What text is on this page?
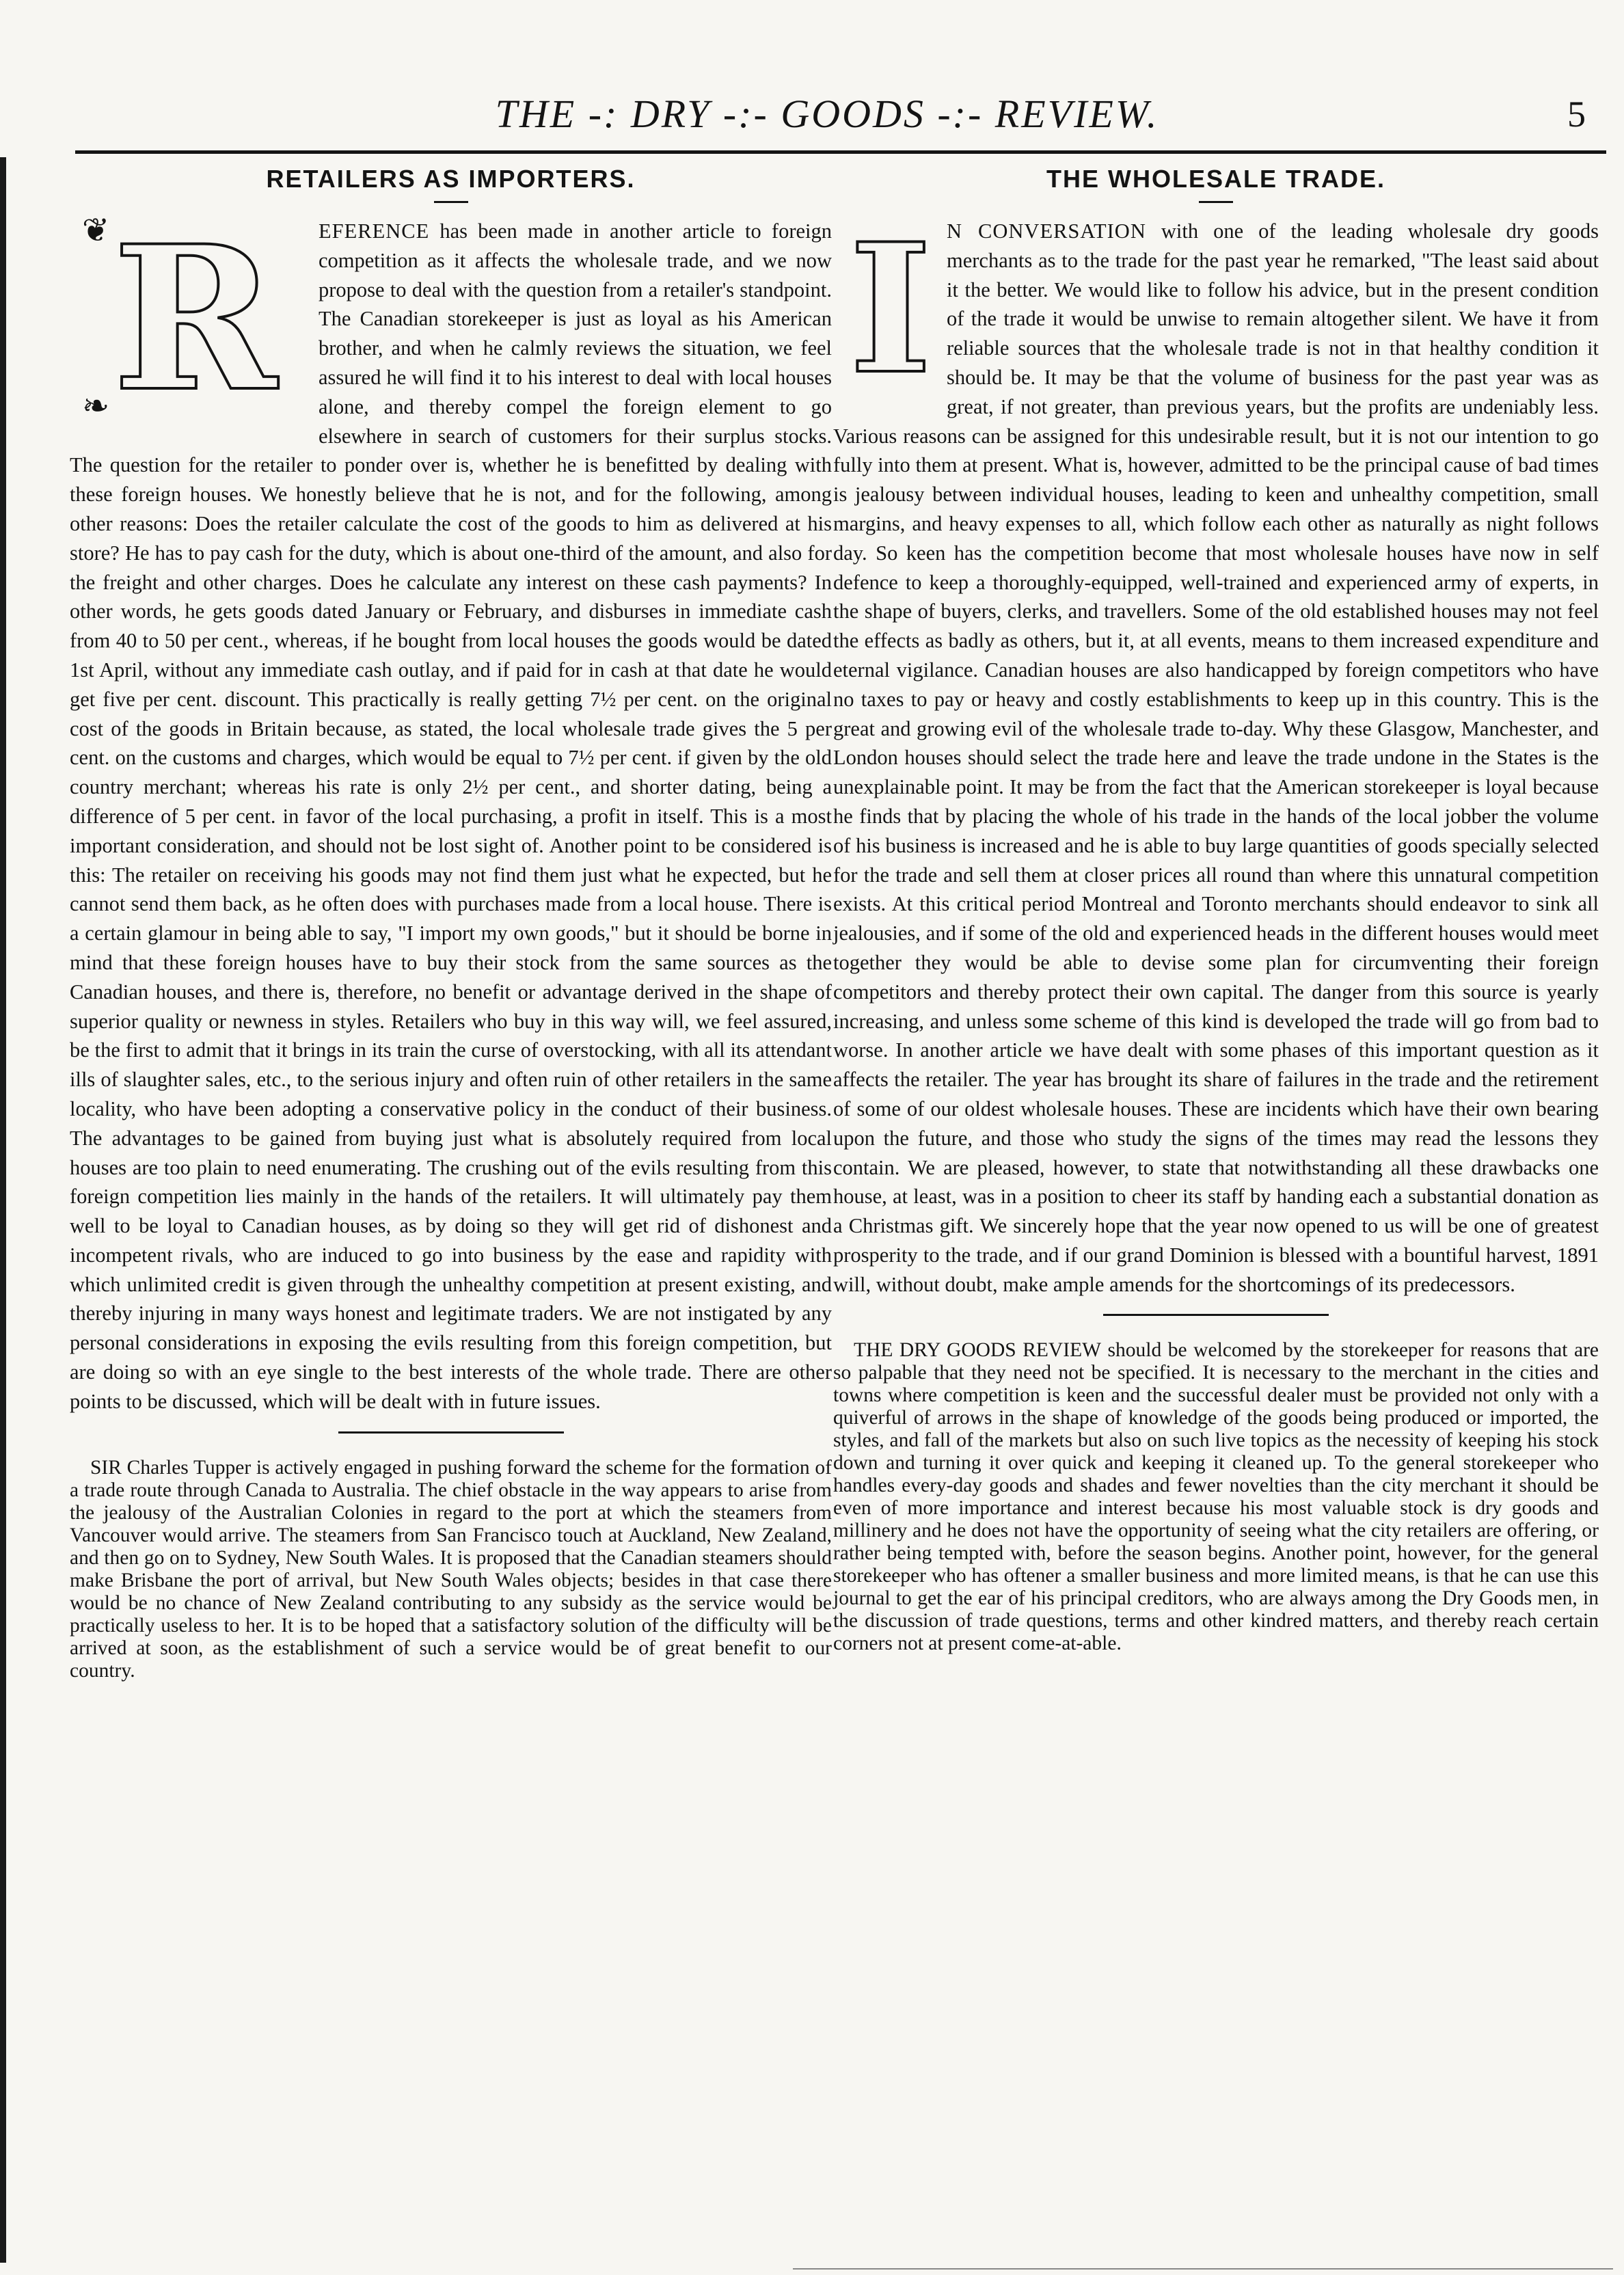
THE -: DRY -:- GOODS -:- REVIEW.	5
RETAILERS AS IMPORTERS.
R
❦
❧

EFERENCE has been made in another article to foreign competition as it affects the wholesale trade, and we now propose to deal with the question from a retailer's standpoint. The Canadian storekeeper is just as loyal as his American brother, and when he calmly reviews the situation, we feel assured he will find it to his interest to deal with local houses alone, and thereby compel the foreign element to go elsewhere in search of customers for their surplus stocks. The question for the retailer to ponder over is, whether he is benefitted by dealing with these foreign houses. We honestly believe that he is not, and for the following, among other reasons: Does the retailer calculate the cost of the goods to him as delivered at his store? He has to pay cash for the duty, which is about one-third of the amount, and also for the freight and other charges. Does he calculate any interest on these cash payments? In other words, he gets goods dated January or February, and disburses in immediate cash from 40 to 50 per cent., whereas, if he bought from local houses the goods would be dated 1st April, without any immediate cash outlay, and if paid for in cash at that date he would get five per cent. discount. This practically is really getting 7½ per cent. on the original cost of the goods in Britain because, as stated, the local wholesale trade gives the 5 per cent. on the customs and charges, which would be equal to 7½ per cent. if given by the old country merchant; whereas his rate is only 2½ per cent., and shorter dating, being a difference of 5 per cent. in favor of the local purchasing, a profit in itself. This is a most important consideration, and should not be lost sight of. Another point to be considered is this: The retailer on receiving his goods may not find them just what he expected, but he cannot send them back, as he often does with purchases made from a local house. There is a certain glamour in being able to say, "I import my own goods," but it should be borne in mind that these foreign houses have to buy their stock from the same sources as the Canadian houses, and there is, therefore, no benefit or advantage derived in the shape of superior quality or newness in styles. Retailers who buy in this way will, we feel assured, be the first to admit that it brings in its train the curse of overstocking, with all its attendant ills of slaughter sales, etc., to the serious injury and often ruin of other retailers in the same locality, who have been adopting a conservative policy in the conduct of their business. The advantages to be gained from buying just what is absolutely required from local houses are too plain to need enumerating. The crushing out of the evils resulting from this foreign competition lies mainly in the hands of the retailers. It will ultimately pay them well to be loyal to Canadian houses, as by doing so they will get rid of dishonest and incompetent rivals, who are induced to go into business by the ease and rapidity with which unlimited credit is given through the unhealthy competition at present existing, and thereby injuring in many ways honest and legitimate traders. We are not instigated by any personal considerations in exposing the evils resulting from this foreign competition, but are doing so with an eye single to the best interests of the whole trade. There are other points to be discussed, which will be dealt with in future issues.

SIR Charles Tupper is actively engaged in pushing forward the scheme for the formation of a trade route through Canada to Australia. The chief obstacle in the way appears to arise from the jealousy of the Australian Colonies in regard to the port at which the steamers from Vancouver would arrive. The steamers from San Francisco touch at Auckland, New Zealand, and then go on to Sydney, New South Wales. It is proposed that the Canadian steamers should make Brisbane the port of arrival, but New South Wales objects; besides in that case there would be no chance of New Zealand contributing to any subsidy as the service would be practically useless to her. It is to be hoped that a satisfactory solution of the difficulty will be arrived at soon, as the establishment of such a service would be of great benefit to our country.

THE WHOLESALE TRADE.
I N CONVERSATION with one of the leading wholesale dry goods merchants as to the trade for the past year he remarked, "The least said about it the better. We would like to follow his advice, but in the present condition of the trade it would be unwise to remain altogether silent. We have it from reliable sources that the wholesale trade is not in that healthy condition it should be. It may be that the volume of business for the past year was as great, if not greater, than previous years, but the profits are undeniably less. Various reasons can be assigned for this undesirable result, but it is not our intention to go fully into them at present. What is, however, admitted to be the principal cause of bad times is jealousy between individual houses, leading to keen and unhealthy competition, small margins, and heavy expenses to all, which follow each other as naturally as night follows day. So keen has the competition become that most wholesale houses have now in self defence to keep a thoroughly-equipped, well-trained and experienced army of experts, in the shape of buyers, clerks, and travellers. Some of the old established houses may not feel the effects as badly as others, but it, at all events, means to them increased expenditure and eternal vigilance. Canadian houses are also handicapped by foreign competitors who have no taxes to pay or heavy and costly establishments to keep up in this country. This is the great and growing evil of the wholesale trade to-day. Why these Glasgow, Manchester, and London houses should select the trade here and leave the trade undone in the States is the unexplainable point. It may be from the fact that the American storekeeper is loyal because he finds that by placing the whole of his trade in the hands of the local jobber the volume of his business is increased and he is able to buy large quantities of goods specially selected for the trade and sell them at closer prices all round than where this unnatural competition exists. At this critical period Montreal and Toronto merchants should endeavor to sink all jealousies, and if some of the old and experienced heads in the different houses would meet together they would be able to devise some plan for circumventing their foreign competitors and thereby protect their own capital. The danger from this source is yearly increasing, and unless some scheme of this kind is developed the trade will go from bad to worse. In another article we have dealt with some phases of this important question as it affects the retailer. The year has brought its share of failures in the trade and the retirement of some of our oldest wholesale houses. These are incidents which have their own bearing upon the future, and those who study the signs of the times may read the lessons they contain. We are pleased, however, to state that notwithstanding all these drawbacks one house, at least, was in a position to cheer its staff by handing each a substantial donation as a Christmas gift. We sincerely hope that the year now opened to us will be one of greatest prosperity to the trade, and if our grand Dominion is blessed with a bountiful harvest, 1891 will, without doubt, make ample amends for the shortcomings of its predecessors.

THE DRY GOODS REVIEW should be welcomed by the storekeeper for reasons that are so palpable that they need not be specified. It is necessary to the merchant in the cities and towns where competition is keen and the successful dealer must be provided not only with a quiverful of arrows in the shape of knowledge of the goods being produced or imported, the styles, and fall of the markets but also on such live topics as the necessity of keeping his stock down and turning it over quick and keeping it cleaned up. To the general storekeeper who handles every-day goods and shades and fewer novelties than the city merchant it should be even of more importance and interest because his most valuable stock is dry goods and millinery and he does not have the opportunity of seeing what the city retailers are offering, or rather being tempted with, before the season begins. Another point, however, for the general storekeeper who has oftener a smaller business and more limited means, is that he can use this journal to get the ear of his principal creditors, who are always among the Dry Goods men, in the discussion of trade questions, terms and other kindred matters, and thereby reach certain corners not at present come-at-able.
